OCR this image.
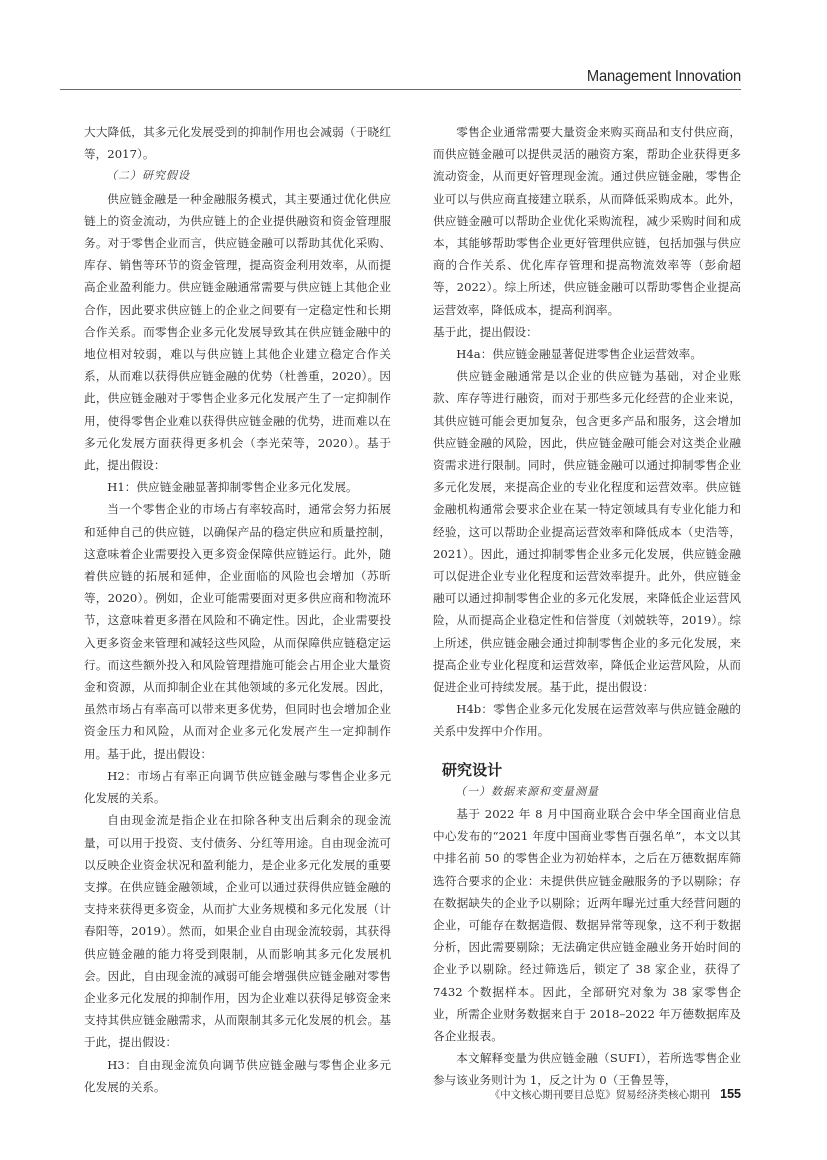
Management Innovation

大大降低，其多元化发展受到的抑制作用也会减弱（于晓红等，2017）。

（二）研究假设

供应链金融是一种金融服务模式，其主要通过优化供应链上的资金流动，为供应链上的企业提供融资和资金管理服务。对于零售企业而言，供应链金融可以帮助其优化采购、库存、销售等环节的资金管理，提高资金利用效率，从而提高企业盈利能力。供应链金融通常需要与供应链上其他企业合作，因此要求供应链上的企业之间要有一定稳定性和长期合作关系。而零售企业多元化发展导致其在供应链金融中的地位相对较弱，难以与供应链上其他企业建立稳定合作关系，从而难以获得供应链金融的优势（杜善重，2020）。因此，供应链金融对于零售企业多元化发展产生了一定抑制作用，使得零售企业难以获得供应链金融的优势，进而难以在多元化发展方面获得更多机会（李光荣等，2020）。基于此，提出假设：

H1：供应链金融显著抑制零售企业多元化发展。

当一个零售企业的市场占有率较高时，通常会努力拓展和延伸自己的供应链，以确保产品的稳定供应和质量控制，这意味着企业需要投入更多资金保障供应链运行。此外，随着供应链的拓展和延伸，企业面临的风险也会增加（苏昕等，2020）。例如，企业可能需要面对更多供应商和物流环节，这意味着更多潜在风险和不确定性。因此，企业需要投入更多资金来管理和减轻这些风险，从而保障供应链稳定运行。而这些额外投入和风险管理措施可能会占用企业大量资金和资源，从而抑制企业在其他领域的多元化发展。因此，虽然市场占有率高可以带来更多优势，但同时也会增加企业资金压力和风险，从而对企业多元化发展产生一定抑制作用。基于此，提出假设：

H2：市场占有率正向调节供应链金融与零售企业多元化发展的关系。

自由现金流是指企业在扣除各种支出后剩余的现金流量，可以用于投资、支付债务、分红等用途。自由现金流可以反映企业资金状况和盈利能力，是企业多元化发展的重要支撑。在供应链金融领域，企业可以通过获得供应链金融的支持来获得更多资金，从而扩大业务规模和多元化发展（计春阳等，2019）。然而，如果企业自由现金流较弱，其获得供应链金融的能力将受到限制，从而影响其多元化发展机会。因此，自由现金流的减弱可能会增强供应链金融对零售企业多元化发展的抑制作用，因为企业难以获得足够资金来支持其供应链金融需求，从而限制其多元化发展的机会。基于此，提出假设：

H3：自由现金流负向调节供应链金融与零售企业多元化发展的关系。

零售企业通常需要大量资金来购买商品和支付供应商，而供应链金融可以提供灵活的融资方案，帮助企业获得更多流动资金，从而更好管理现金流。通过供应链金融，零售企业可以与供应商直接建立联系，从而降低采购成本。此外，供应链金融可以帮助企业优化采购流程，减少采购时间和成本，其能够帮助零售企业更好管理供应链，包括加强与供应商的合作关系、优化库存管理和提高物流效率等（彭俞超等，2022）。综上所述，供应链金融可以帮助零售企业提高运营效率，降低成本，提高利润率。

基于此，提出假设：

H4a：供应链金融显著促进零售企业运营效率。

供应链金融通常是以企业的供应链为基础，对企业账款、库存等进行融资，而对于那些多元化经营的企业来说，其供应链可能会更加复杂，包含更多产品和服务，这会增加供应链金融的风险，因此，供应链金融可能会对这类企业融资需求进行限制。同时，供应链金融可以通过抑制零售企业多元化发展，来提高企业的专业化程度和运营效率。供应链金融机构通常会要求企业在某一特定领域具有专业化能力和经验，这可以帮助企业提高运营效率和降低成本（史浩等，2021）。因此，通过抑制零售企业多元化发展，供应链金融可以促进企业专业化程度和运营效率提升。此外，供应链金融可以通过抑制零售企业的多元化发展，来降低企业运营风险，从而提高企业稳定性和信誉度（刘兢轶等，2019）。综上所述，供应链金融会通过抑制零售企业的多元化发展，来提高企业专业化程度和运营效率，降低企业运营风险，从而促进企业可持续发展。基于此，提出假设：

H4b：零售企业多元化发展在运营效率与供应链金融的关系中发挥中介作用。

研究设计

（一）数据来源和变量测量

基于 2022 年 8 月中国商业联合会中华全国商业信息中心发布的“2021 年度中国商业零售百强名单”，本文以其中排名前 50 的零售企业为初始样本，之后在万德数据库筛选符合要求的企业：未提供供应链金融服务的予以剔除；存在数据缺失的企业予以剔除；近两年曝光过重大经营问题的企业，可能存在数据造假、数据异常等现象，这不利于数据分析，因此需要剔除；无法确定供应链金融业务开始时间的企业予以剔除。经过筛选后，锁定了 38 家企业，获得了 7432 个数据样本。因此，全部研究对象为 38 家零售企业，所需企业财务数据来自于 2018–2022 年万德数据库及各企业报表。

本文解释变量为供应链金融（SUFI），若所选零售企业参与该业务则计为 1，反之计为 0（王鲁昱等，

《中文核心期刊要目总览》贸易经济类核心期刊 155
